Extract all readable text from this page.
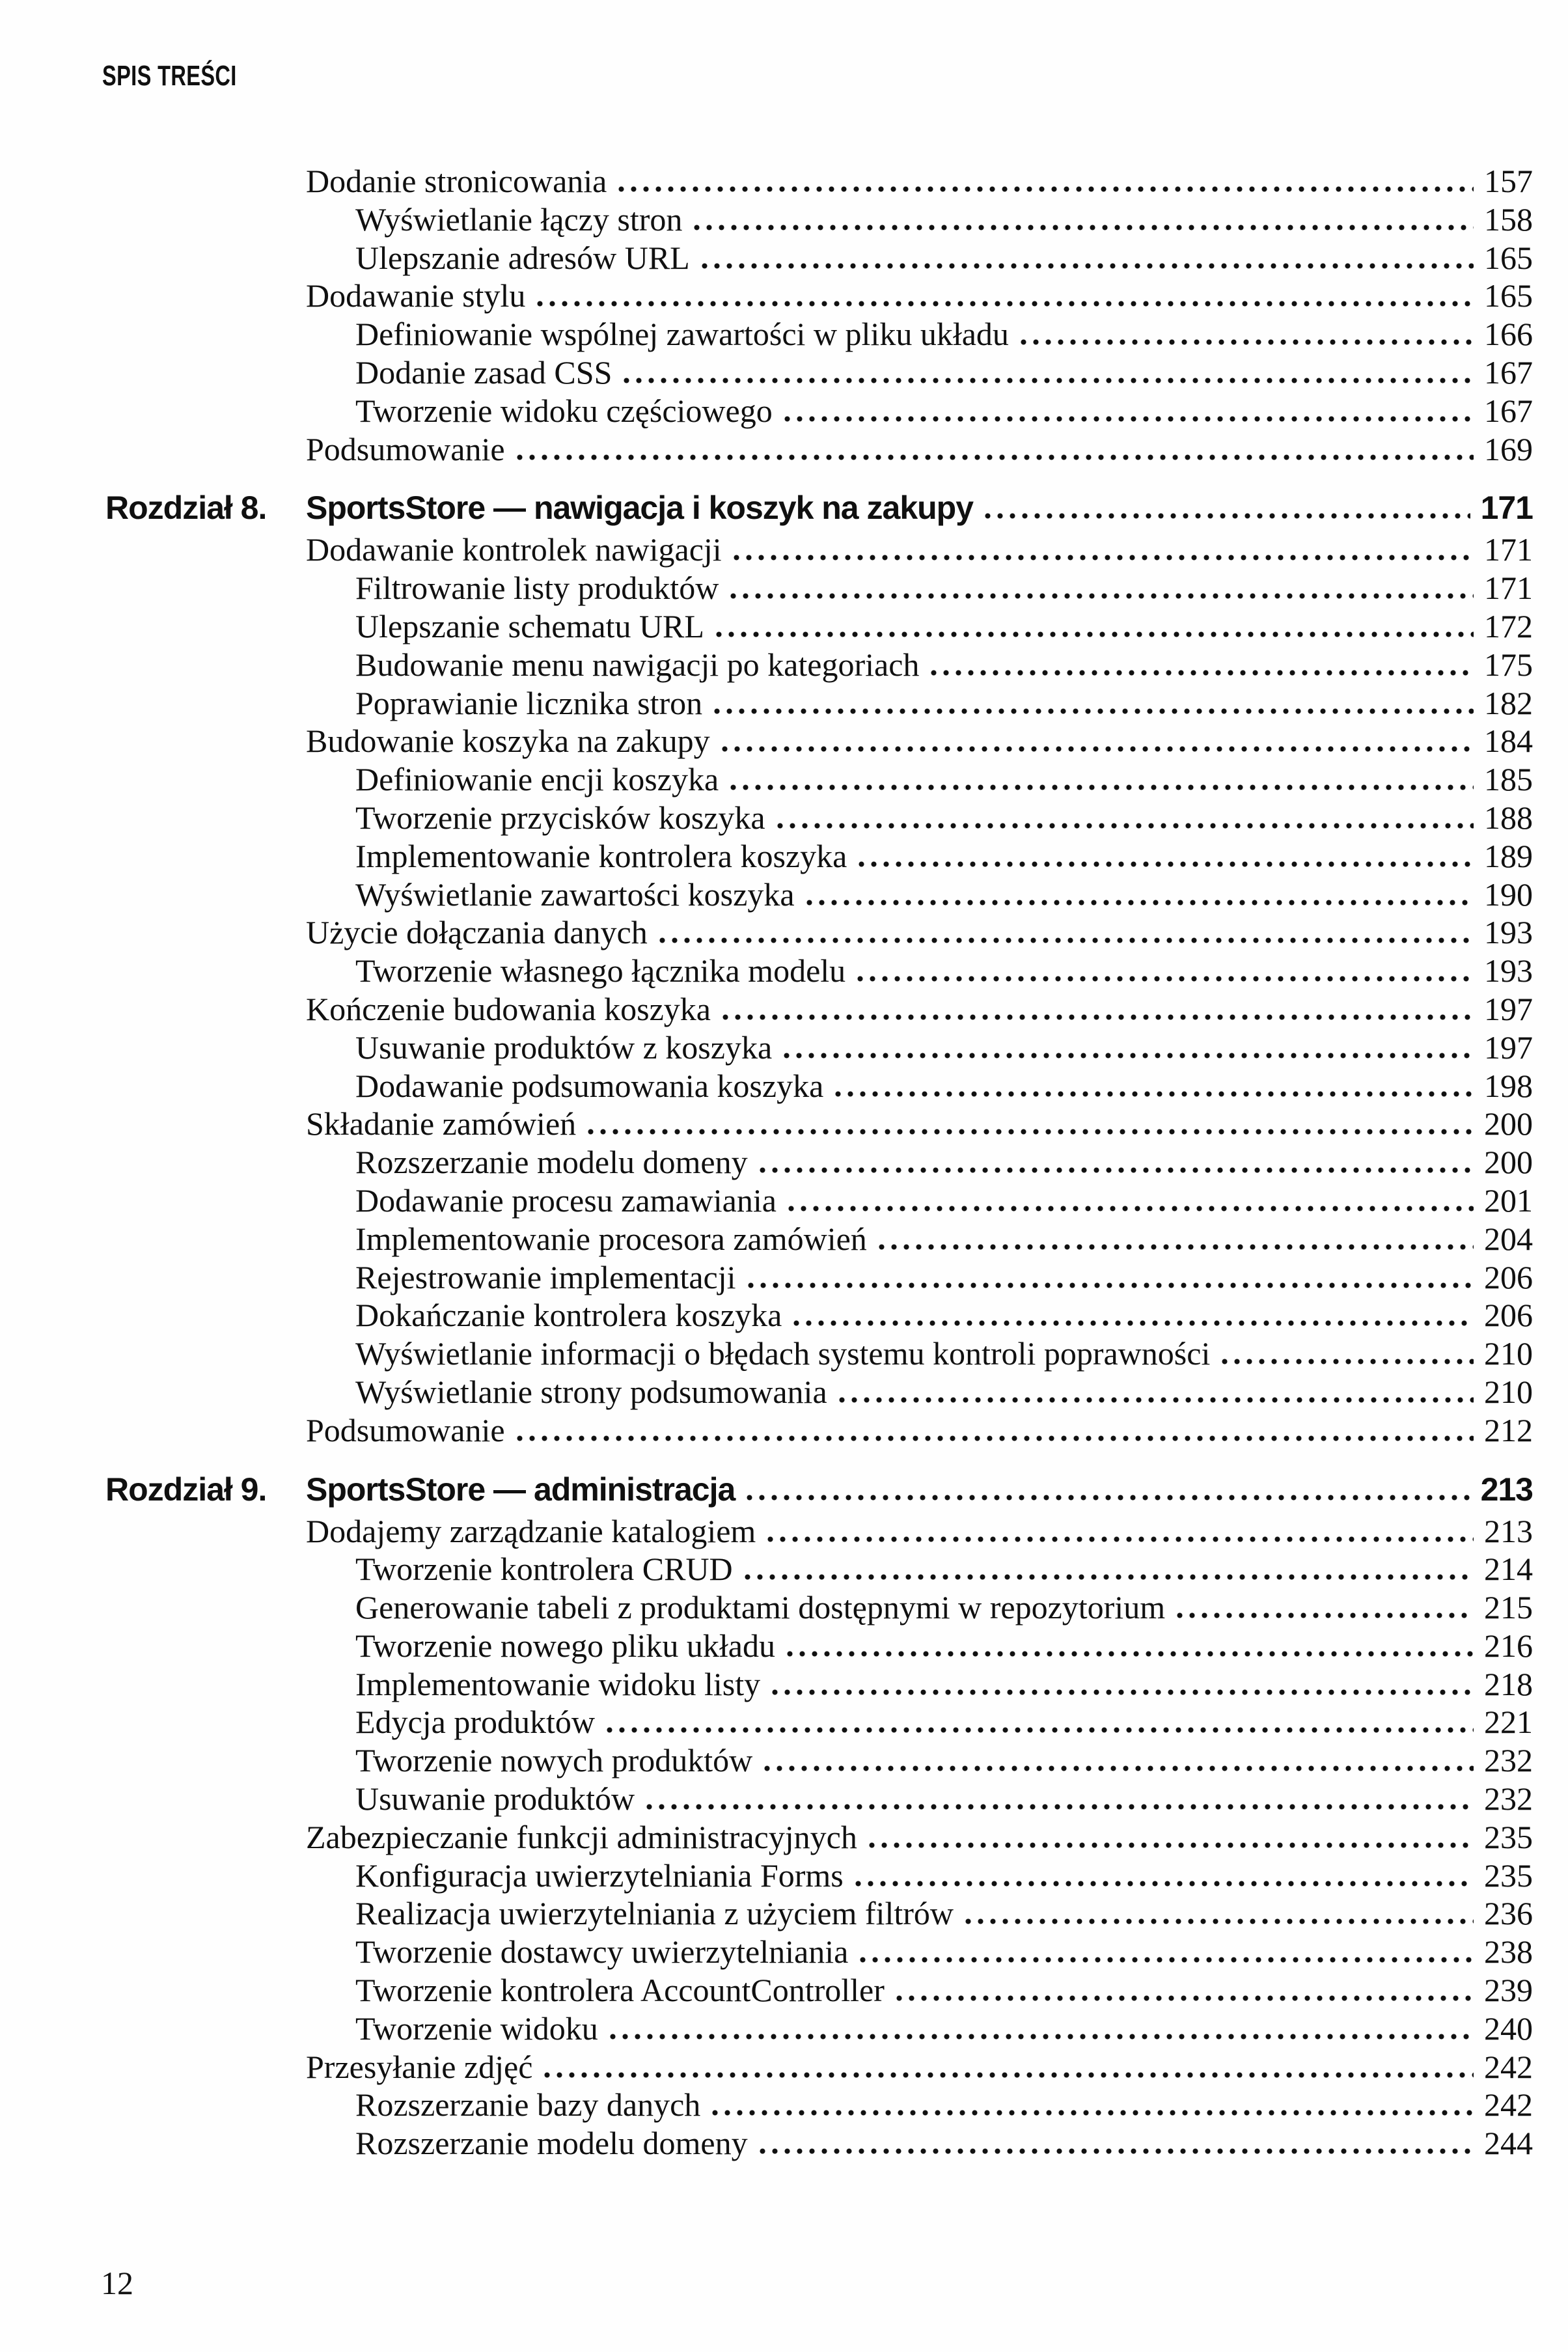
SPIS TREŚCI
Dodanie stronicowania	157
Wyświetlanie łączy stron	158
Ulepszanie adresów URL	165
Dodawanie stylu	165
Definiowanie wspólnej zawartości w pliku układu	166
Dodanie zasad CSS	167
Tworzenie widoku częściowego	167
Podsumowanie	169
Rozdział 8. SportsStore — nawigacja i koszyk na zakupy	171
Dodawanie kontrolek nawigacji	171
Filtrowanie listy produktów	171
Ulepszanie schematu URL	172
Budowanie menu nawigacji po kategoriach	175
Poprawianie licznika stron	182
Budowanie koszyka na zakupy	184
Definiowanie encji koszyka	185
Tworzenie przycisków koszyka	188
Implementowanie kontrolera koszyka	189
Wyświetlanie zawartości koszyka	190
Użycie dołączania danych	193
Tworzenie własnego łącznika modelu	193
Kończenie budowania koszyka	197
Usuwanie produktów z koszyka	197
Dodawanie podsumowania koszyka	198
Składanie zamówień	200
Rozszerzanie modelu domeny	200
Dodawanie procesu zamawiania	201
Implementowanie procesora zamówień	204
Rejestrowanie implementacji	206
Dokańczanie kontrolera koszyka	206
Wyświetlanie informacji o błędach systemu kontroli poprawności	210
Wyświetlanie strony podsumowania	210
Podsumowanie	212
Rozdział 9. SportsStore — administracja	213
Dodajemy zarządzanie katalogiem	213
Tworzenie kontrolera CRUD	214
Generowanie tabeli z produktami dostępnymi w repozytorium	215
Tworzenie nowego pliku układu	216
Implementowanie widoku listy	218
Edycja produktów	221
Tworzenie nowych produktów	232
Usuwanie produktów	232
Zabezpieczanie funkcji administracyjnych	235
Konfiguracja uwierzytelniania Forms	235
Realizacja uwierzytelniania z użyciem filtrów	236
Tworzenie dostawcy uwierzytelniania	238
Tworzenie kontrolera AccountController	239
Tworzenie widoku	240
Przesyłanie zdjęć	242
Rozszerzanie bazy danych	242
Rozszerzanie modelu domeny	244
12
